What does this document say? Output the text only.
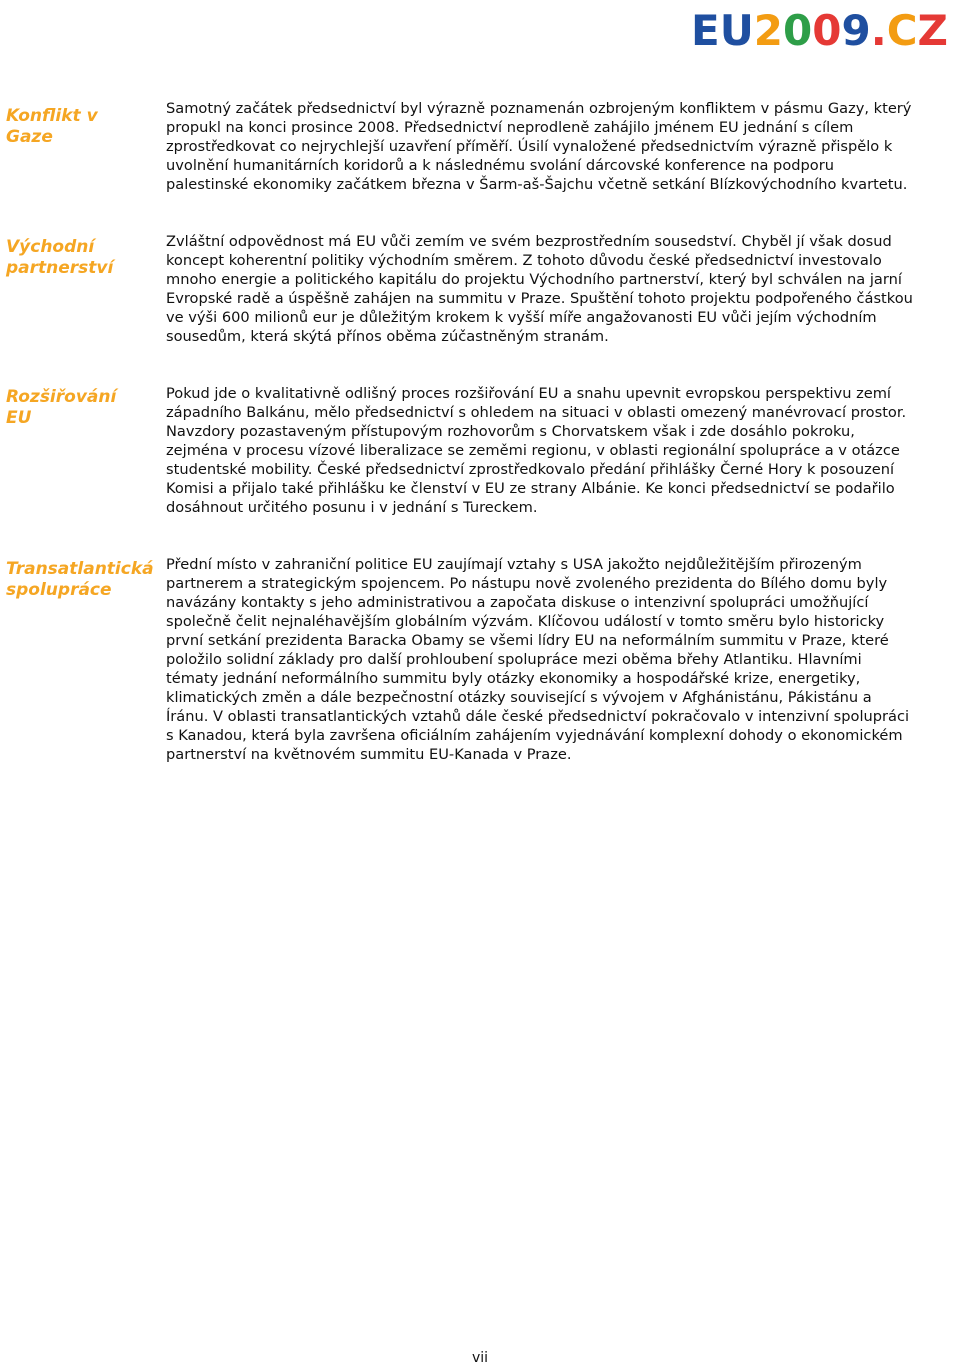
E U 2 0 0 9 . C Z
Konflikt v Gaze

Samotný začátek předsednictví byl výrazně poznamenán ozbrojeným konfliktem v pásmu Gazy, který propukl na konci prosince 2008. Předsednictví neprodleně zahájilo jménem EU jednání s cílem zprostředkovat co nejrychlejší uzavření příměří. Úsilí vynaložené předsednictvím výrazně přispělo k uvolnění humanitárních koridorů a k následnému svolání dárcovské konference na podporu palestinské ekonomiky začátkem března v Šarm-aš-Šajchu včetně setkání Blízkovýchodního kvartetu.

Východní partnerství

Zvláštní odpovědnost má EU vůči zemím ve svém bezprostředním sousedství. Chyběl jí však dosud koncept koherentní politiky východním směrem. Z tohoto důvodu české předsednictví investovalo mnoho energie a politického kapitálu do projektu Východního partnerství, který byl schválen na jarní Evropské radě a úspěšně zahájen na summitu v Praze. Spuštění tohoto projektu podpořeného částkou ve výši 600 milionů eur je důležitým krokem k vyšší míře angažovanosti EU vůči jejím východním sousedům, která skýtá přínos oběma zúčastněným stranám.

Rozšiřování EU

Pokud jde o kvalitativně odlišný proces rozšiřování EU a snahu upevnit evropskou perspektivu zemí západního Balkánu, mělo předsednictví s ohledem na situaci v oblasti omezený manévrovací prostor. Navzdory pozastaveným přístupovým rozhovorům s Chorvatskem však i zde dosáhlo pokroku, zejména v procesu vízové liberalizace se zeměmi regionu, v oblasti regionální spolupráce a v otázce studentské mobility. České předsednictví zprostředkovalo předání přihlášky Černé Hory k posouzení Komisi a přijalo také přihlášku ke členství v EU ze strany Albánie. Ke konci předsednictví se podařilo dosáhnout určitého posunu i v jednání s Tureckem.

Transatlantická spolupráce

Přední místo v zahraniční politice EU zaujímají vztahy s USA jakožto nejdůležitějším přirozeným partnerem a strategickým spojencem. Po nástupu nově zvoleného prezidenta do Bílého domu byly navázány kontakty s jeho administrativou a započata diskuse o intenzivní spolupráci umožňující společně čelit nejnaléhavějším globálním výzvám. Klíčovou událostí v tomto směru bylo historicky první setkání prezidenta Baracka Obamy se všemi lídry EU na neformálním summitu v Praze, které položilo solidní základy pro další prohloubení spolupráce mezi oběma břehy Atlantiku. Hlavními tématy jednání neformálního summitu byly otázky ekonomiky a hospodářské krize, energetiky, klimatických změn a dále bezpečnostní otázky související s vývojem v Afghánistánu, Pákistánu a Íránu. V oblasti transatlantických vztahů dále české předsednictví pokračovalo v intenzivní spolupráci s Kanadou, která byla završena oficiálním zahájením vyjednávání komplexní dohody o ekonomickém partnerství na květnovém summitu EU-Kanada v Praze.

vii
